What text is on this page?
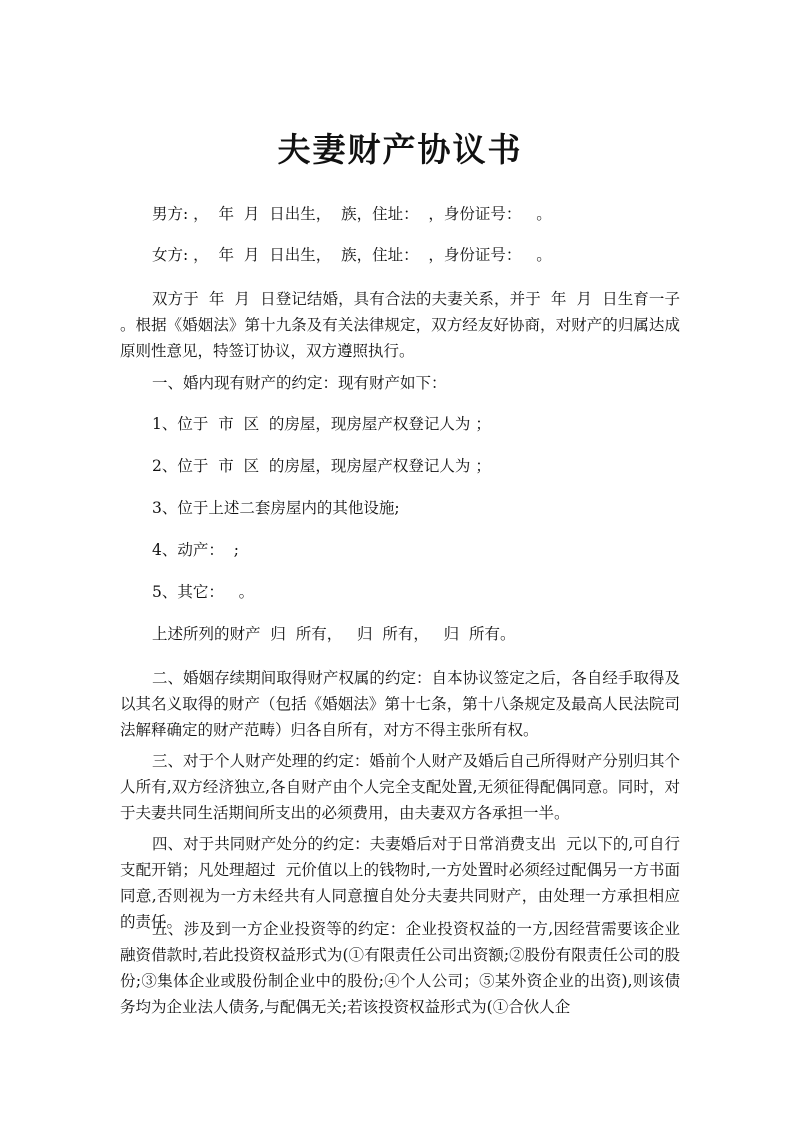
夫妻财产协议书
男方: ，  年  月  日出生，  族，住址：  ，身份证号：   。
女方: ，  年  月  日出生，  族，住址：  ，身份证号：   。
双方于  年  月  日登记结婚，具有合法的夫妻关系，并于  年  月  日生育一子 。根据《婚姻法》第十九条及有关法律规定，双方经友好协商，对财产的归属达成原则性意见，特签订协议，双方遵照执行。
一、婚内现有财产的约定：现有财产如下：
1、位于  市  区  的房屋，现房屋产权登记人为 ；
2、位于  市  区  的房屋，现房屋产权登记人为 ；
3、位于上述二套房屋内的其他设施;
4、动产：  ;
5、其它：   。
上述所列的财产  归  所有，   归  所有，   归  所有。
二、婚姻存续期间取得财产权属的约定：自本协议签定之后，各自经手取得及以其名义取得的财产（包括《婚姻法》第十七条，第十八条规定及最高人民法院司法解释确定的财产范畴）归各自所有，对方不得主张所有权。
三、对于个人财产处理的约定：婚前个人财产及婚后自己所得财产分别归其个人所有,双方经济独立,各自财产由个人完全支配处置,无须征得配偶同意。同时，对于夫妻共同生活期间所支出的必须费用，由夫妻双方各承担一半。
四、对于共同财产处分的约定：夫妻婚后对于日常消费支出  元以下的,可自行支配开销；凡处理超过  元价值以上的钱物时,一方处置时必须经过配偶另一方书面同意,否则视为一方未经共有人同意擅自处分夫妻共同财产，由处理一方承担相应的责任。
五、涉及到一方企业投资等的约定：企业投资权益的一方,因经营需要该企业融资借款时,若此投资权益形式为(①有限责任公司出资额;②股份有限责任公司的股份;③集体企业或股份制企业中的股份;④个人公司；⑤某外资企业的出资),则该债务均为企业法人债务,与配偶无关;若该投资权益形式为(①合伙人企
